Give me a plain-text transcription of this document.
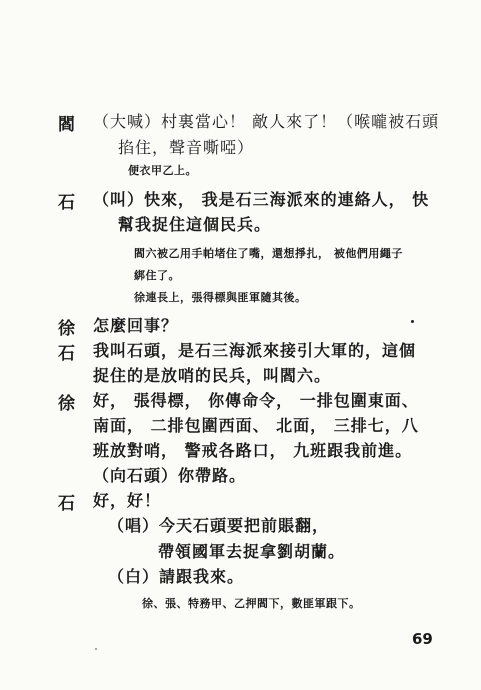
閻 （大喊）村裏當心！ 敵人來了！（喉嚨被石頭
掐住，聲音嘶啞）
便衣甲乙上。
石 （叫）快來， 我是石三海派來的連絡人， 快
幫我捉住這個民兵。
閻六被乙用手帕堵住了嘴，還想掙扎， 被他們用繩子
綁住了。
徐連長上，張得標與匪軍隨其後。
徐 怎麼回事？
石 我叫石頭，是石三海派來接引大軍的，這個
捉住的是放哨的民兵，叫閻六。
徐 好， 張得標， 你傳命令， 一排包圍東面、
南面， 二排包圍西面、 北面， 三排七，八
班放對哨， 警戒各路口， 九班跟我前進。
（向石頭）你帶路。
石 好，好！
（唱）今天石頭要把前賬翻，
帶領國軍去捉拿劉胡蘭。
（白）請跟我來。
徐、張、特務甲、乙押閻下，數匪軍跟下。
69
